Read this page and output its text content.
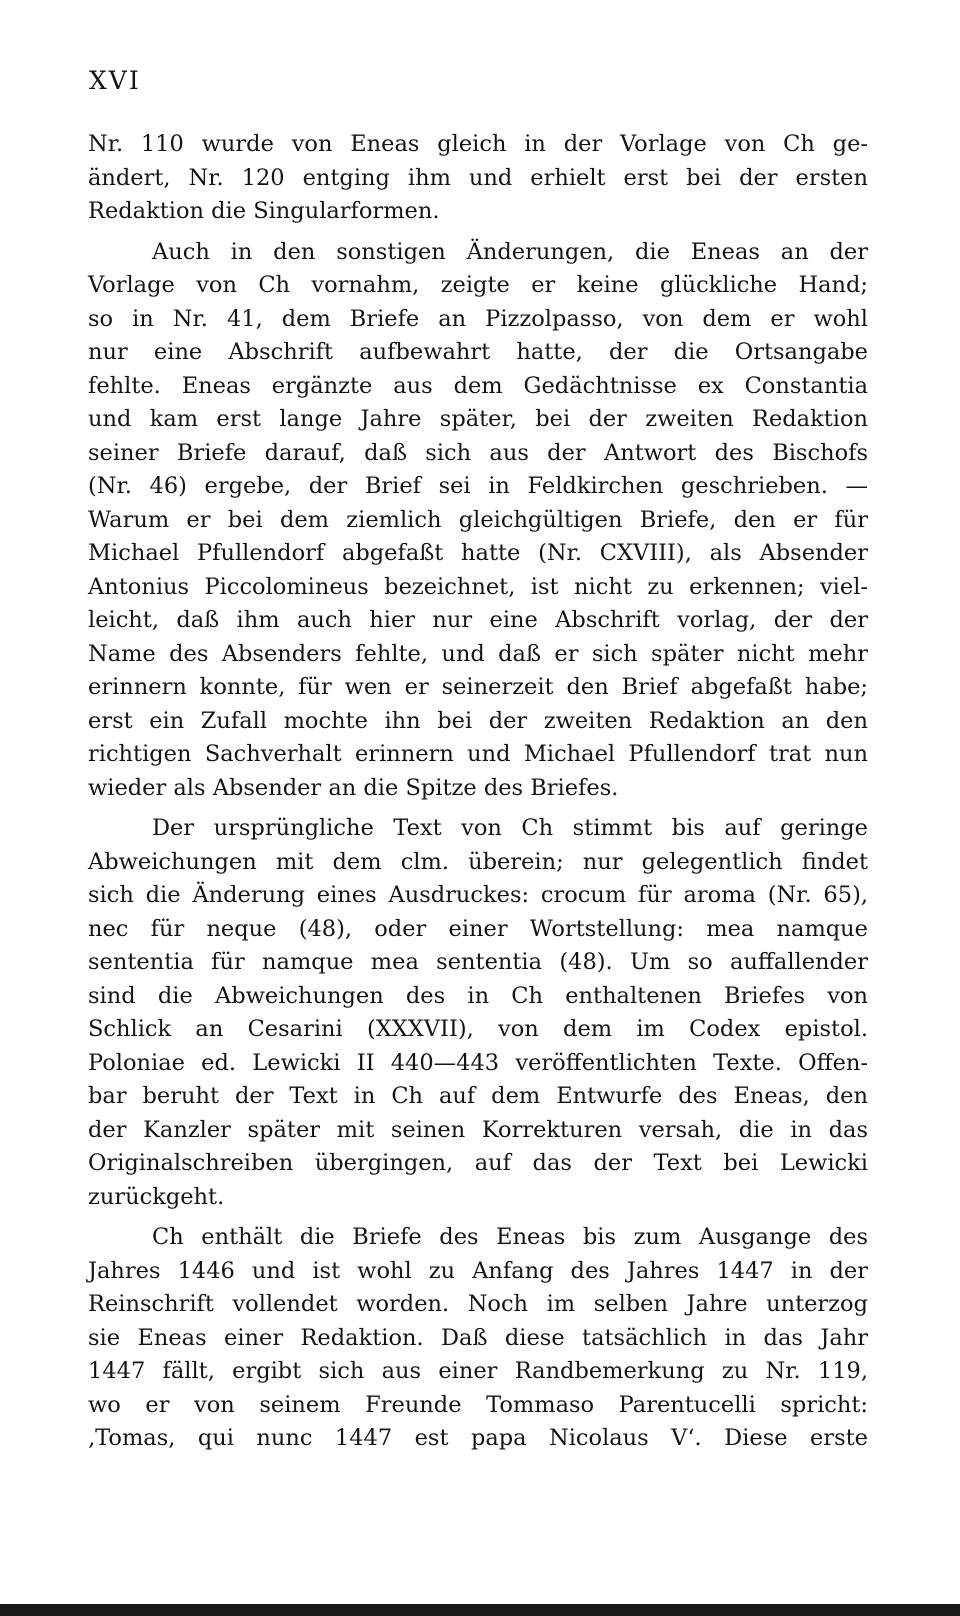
XVI

Nr. 110 wurde von Eneas gleich in der Vorlage von Ch ge-
ändert, Nr. 120 entging ihm und erhielt erst bei der ersten
Redaktion die Singularformen.

Auch in den sonstigen Änderungen, die Eneas an der
Vorlage von Ch vornahm, zeigte er keine glückliche Hand;
so in Nr. 41, dem Briefe an Pizzolpasso, von dem er wohl
nur eine Abschrift aufbewahrt hatte, der die Ortsangabe
fehlte. Eneas ergänzte aus dem Gedächtnisse ex Constantia
und kam erst lange Jahre später, bei der zweiten Redaktion
seiner Briefe darauf, daß sich aus der Antwort des Bischofs
(Nr. 46) ergebe, der Brief sei in Feldkirchen geschrieben. —
Warum er bei dem ziemlich gleichgültigen Briefe, den er für
Michael Pfullendorf abgefaßt hatte (Nr. CXVIII), als Absender
Antonius Piccolomineus bezeichnet, ist nicht zu erkennen; viel-
leicht, daß ihm auch hier nur eine Abschrift vorlag, der der
Name des Absenders fehlte, und daß er sich später nicht mehr
erinnern konnte, für wen er seinerzeit den Brief abgefaßt habe;
erst ein Zufall mochte ihn bei der zweiten Redaktion an den
richtigen Sachverhalt erinnern und Michael Pfullendorf trat nun
wieder als Absender an die Spitze des Briefes.

Der ursprüngliche Text von Ch stimmt bis auf geringe
Abweichungen mit dem clm. überein; nur gelegentlich findet
sich die Änderung eines Ausdruckes: crocum für aroma (Nr. 65),
nec für neque (48), oder einer Wortstellung: mea namque
sententia für namque mea sententia (48). Um so auffallender
sind die Abweichungen des in Ch enthaltenen Briefes von
Schlick an Cesarini (XXXVII), von dem im Codex epistol.
Poloniae ed. Lewicki II 440—443 veröffentlichten Texte. Offen-
bar beruht der Text in Ch auf dem Entwurfe des Eneas, den
der Kanzler später mit seinen Korrekturen versah, die in das
Originalschreiben übergingen, auf das der Text bei Lewicki
zurückgeht.

Ch enthält die Briefe des Eneas bis zum Ausgange des
Jahres 1446 und ist wohl zu Anfang des Jahres 1447 in der
Reinschrift vollendet worden. Noch im selben Jahre unterzog
sie Eneas einer Redaktion. Daß diese tatsächlich in das Jahr
1447 fällt, ergibt sich aus einer Randbemerkung zu Nr. 119,
wo er von seinem Freunde Tommaso Parentucelli spricht:
‚Tomas, qui nunc 1447 est papa Nicolaus V‘. Diese erste
